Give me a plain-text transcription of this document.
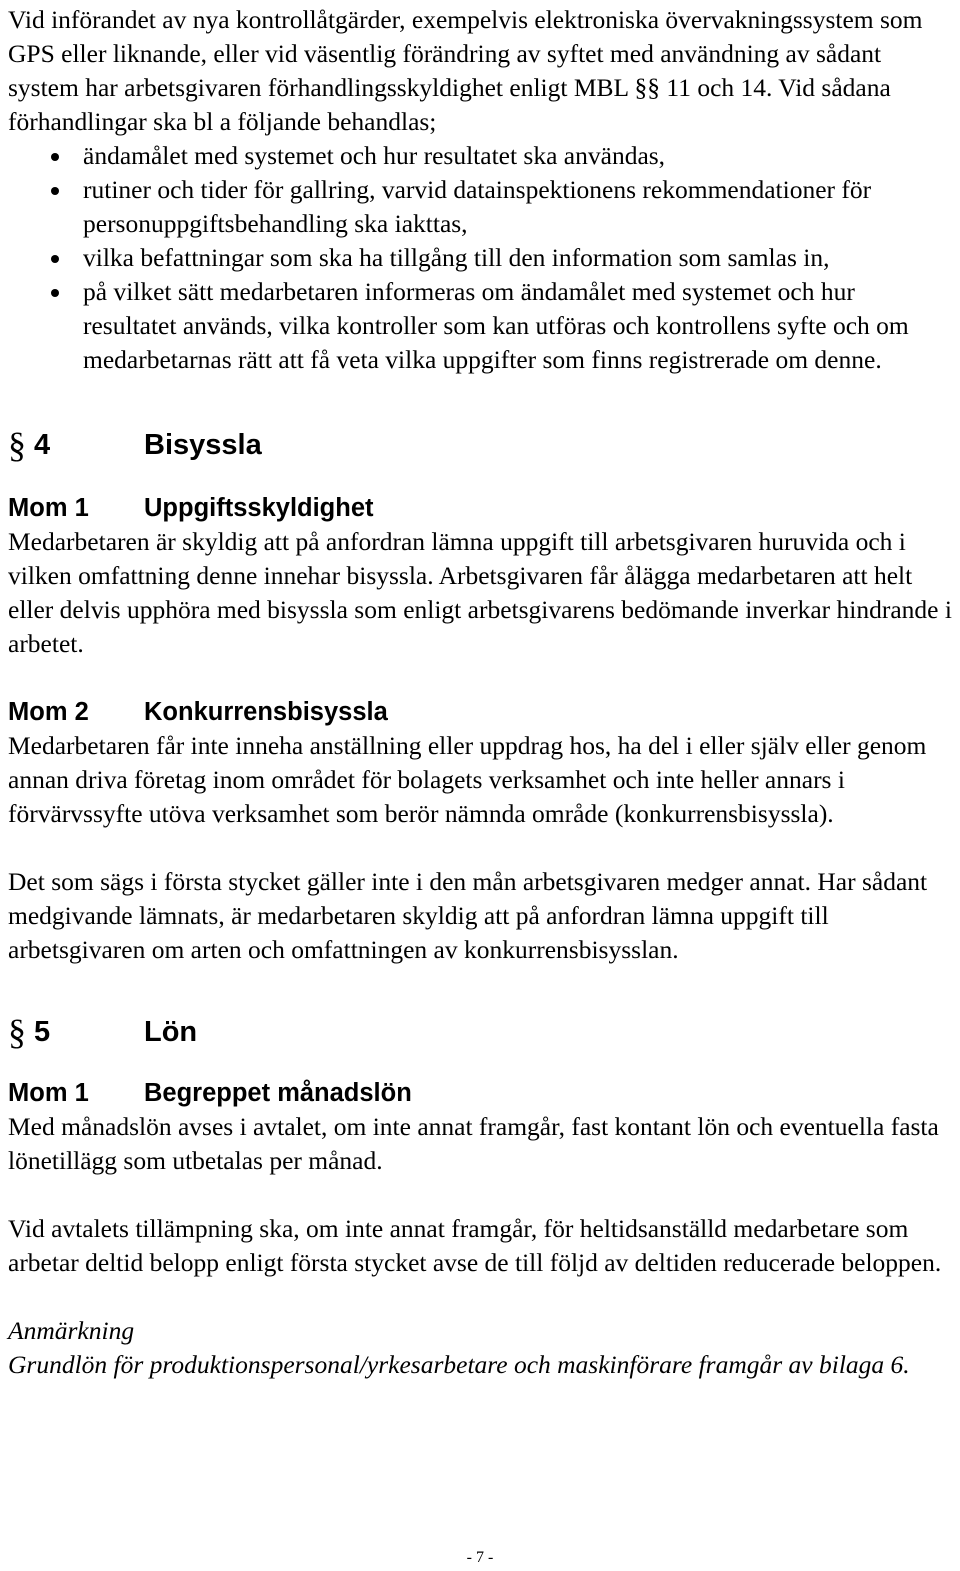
Vid införandet av nya kontrollåtgärder, exempelvis elektroniska övervakningssystem som GPS eller liknande, eller vid väsentlig förändring av syftet med användning av sådant system har arbetsgivaren förhandlingsskyldighet enligt MBL §§ 11 och 14. Vid sådana förhandlingar ska bl a följande behandlas;

ändamålet med systemet och hur resultatet ska användas,
rutiner och tider för gallring, varvid datainspektionens rekommendationer för personuppgiftsbehandling ska iakttas,
vilka befattningar som ska ha tillgång till den information som samlas in,
på vilket sätt medarbetaren informeras om ändamålet med systemet och hur resultatet används, vilka kontroller som kan utföras och kontrollens syfte och om medarbetarnas rätt att få veta vilka uppgifter som finns registrerade om denne.
§ 4	Bisyssla
Mom 1	Uppgiftsskyldighet

Medarbetaren är skyldig att på anfordran lämna uppgift till arbetsgivaren huruvida och i vilken omfattning denne innehar bisyssla. Arbetsgivaren får ålägga medarbetaren att helt eller delvis upphöra med bisyssla som enligt arbetsgivarens bedömande inverkar hindrande i arbetet.

Mom 2	Konkurrensbisyssla

Medarbetaren får inte inneha anställning eller uppdrag hos, ha del i eller själv eller genom annan driva företag inom området för bolagets verksamhet och inte heller annars i förvärvssyfte utöva verksamhet som berör nämnda område (konkurrensbisyssla).

Det som sägs i första stycket gäller inte i den mån arbetsgivaren medger annat. Har sådant medgivande lämnats, är medarbetaren skyldig att på anfordran lämna uppgift till arbetsgivaren om arten och omfattningen av konkurrensbisysslan.

§ 5	Lön
Mom 1	Begreppet månadslön

Med månadslön avses i avtalet, om inte annat framgår, fast kontant lön och eventuella fasta lönetillägg som utbetalas per månad.

Vid avtalets tillämpning ska, om inte annat framgår, för heltidsanställd medarbetare som arbetar deltid belopp enligt första stycket avse de till följd av deltiden reducerade beloppen.

Anmärkning

Grundlön för produktionspersonal/yrkesarbetare och maskinförare framgår av bilaga 6.

- 7 -
